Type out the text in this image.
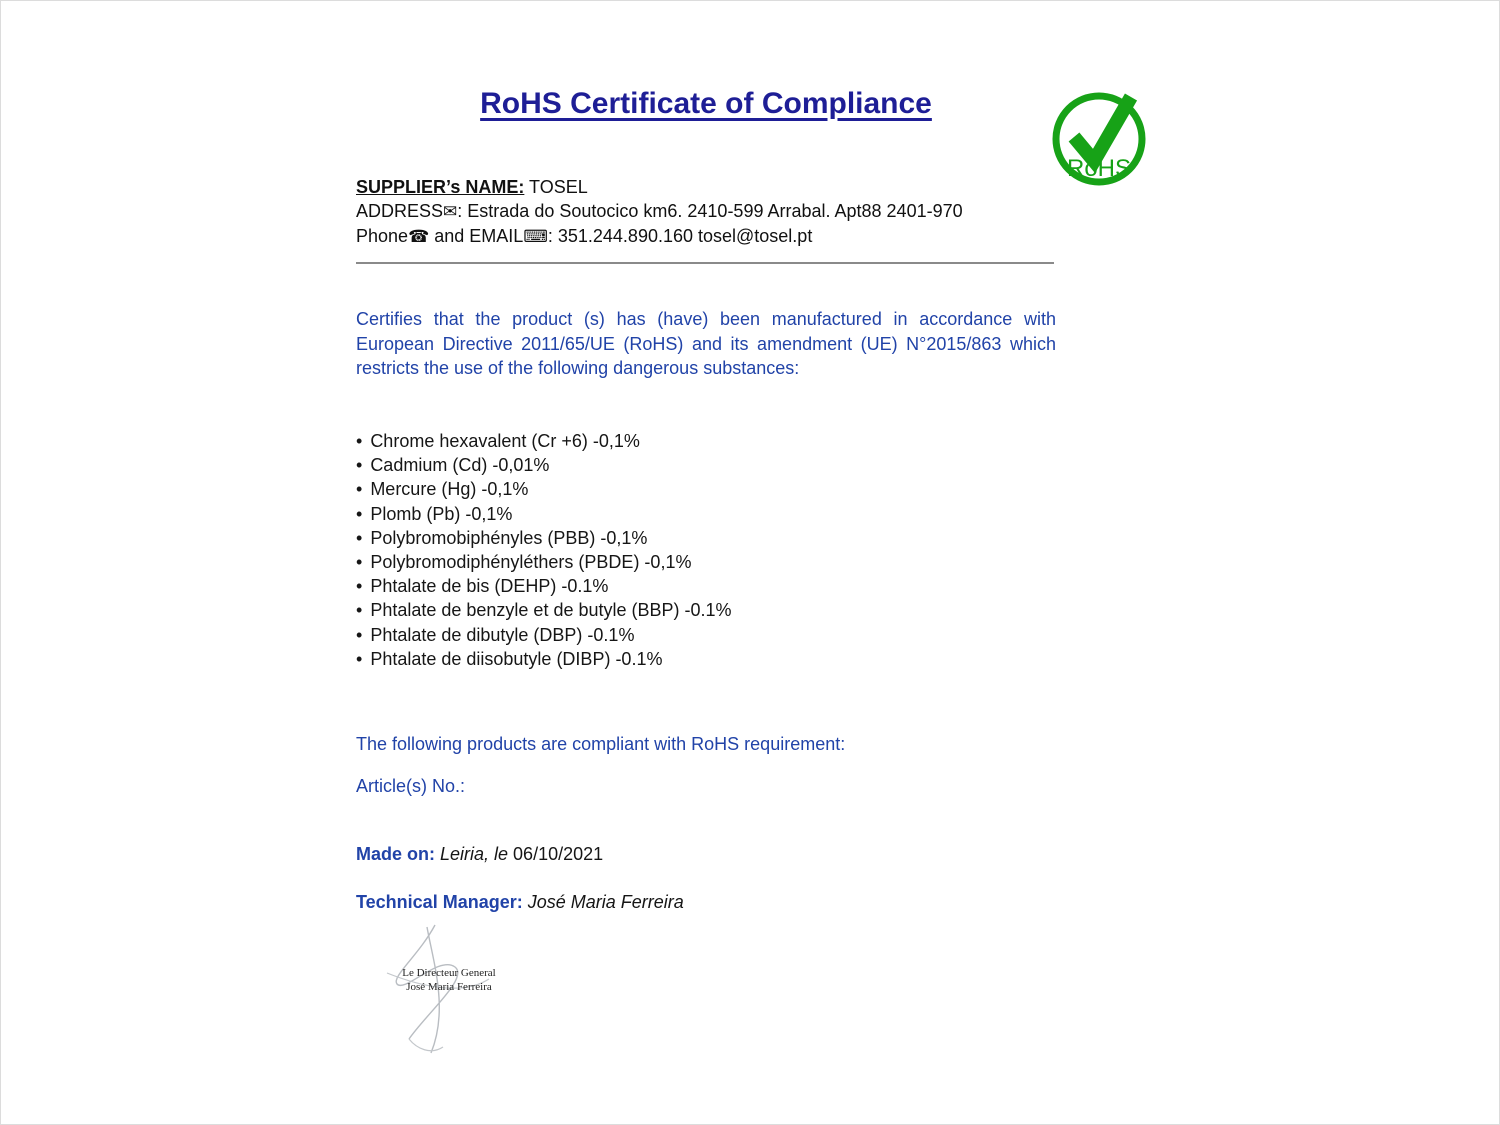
RoHS Certificate of Compliance
RoHS
SUPPLIER’s NAME: TOSEL
ADDRESS✉: Estrada do Soutocico km6. 2410-599 Arrabal. Apt88 2401-970
Phone☎ and EMAIL⌨: 351.244.890.160 tosel@tosel.pt

Certifies that the product (s) has (have) been manufactured in accordance with European Directive 2011/65/UE (RoHS) and its amendment (UE) N°2015/863 which restricts the use of the following dangerous substances:

• Chrome hexavalent (Cr +6) -0,1%
• Cadmium (Cd) -0,01%
• Mercure (Hg) -0,1%
• Plomb (Pb) -0,1%
• Polybromobiphényles (PBB) -0,1%
• Polybromodiphényléthers (PBDE) -0,1%
• Phtalate de bis (DEHP) -0.1%
• Phtalate de benzyle et de butyle (BBP) -0.1%
• Phtalate de dibutyle (DBP) -0.1%
• Phtalate de diisobutyle (DIBP) -0.1%
The following products are compliant with RoHS requirement:
Article(s) No.:
Made on: Leiria, le 06/10/2021
Technical Manager: José Maria Ferreira
Le Directeur General
José Maria Ferreira
